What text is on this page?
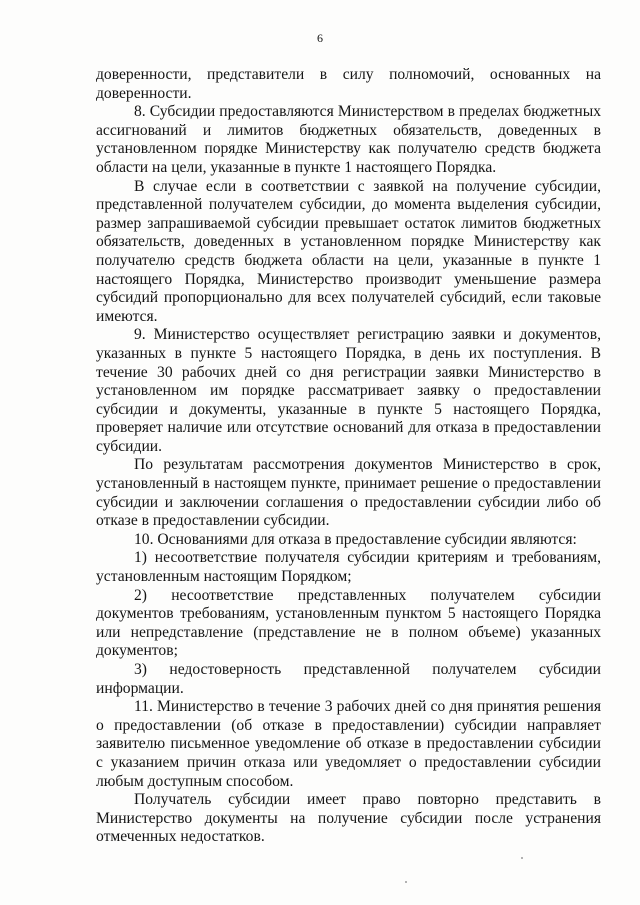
6

доверенности, представители в силу полномочий, основанных на доверенности.

8. Субсидии предоставляются Министерством в пределах бюджетных ассигнований и лимитов бюджетных обязательств, доведенных в установленном порядке Министерству как получателю средств бюджета области на цели, указанные в пункте 1 настоящего Порядка.

В случае если в соответствии с заявкой на получение субсидии, представленной получателем субсидии, до момента выделения субсидии, размер запрашиваемой субсидии превышает остаток лимитов бюджетных обязательств, доведенных в установленном порядке Министерству как получателю средств бюджета области на цели, указанные в пункте 1 настоящего Порядка, Министерство производит уменьшение размера субсидий пропорционально для всех получателей субсидий, если таковые имеются.

9. Министерство осуществляет регистрацию заявки и документов, указанных в пункте 5 настоящего Порядка, в день их поступления. В течение 30 рабочих дней со дня регистрации заявки Министерство в установленном им порядке рассматривает заявку о предоставлении субсидии и документы, указанные в пункте 5 настоящего Порядка, проверяет наличие или отсутствие оснований для отказа в предоставлении субсидии.

По результатам рассмотрения документов Министерство в срок, установленный в настоящем пункте, принимает решение о предоставлении субсидии и заключении соглашения о предоставлении субсидии либо об отказе в предоставлении субсидии.

10. Основаниями для отказа в предоставление субсидии являются:

1) несоответствие получателя субсидии критериям и требованиям, установленным настоящим Порядком;

2) несоответствие представленных получателем субсидии документов требованиям, установленным пунктом 5 настоящего Порядка или непредставление (представление не в полном объеме) указанных документов;

3) недостоверность представленной получателем субсидии информации.

11. Министерство в течение 3 рабочих дней со дня принятия решения о предоставлении (об отказе в предоставлении) субсидии направляет заявителю письменное уведомление об отказе в предоставлении субсидии с указанием причин отказа или уведомляет о предоставлении субсидии любым доступным способом.

Получатель субсидии имеет право повторно представить в Министерство документы на получение субсидии после устранения отмеченных недостатков.
